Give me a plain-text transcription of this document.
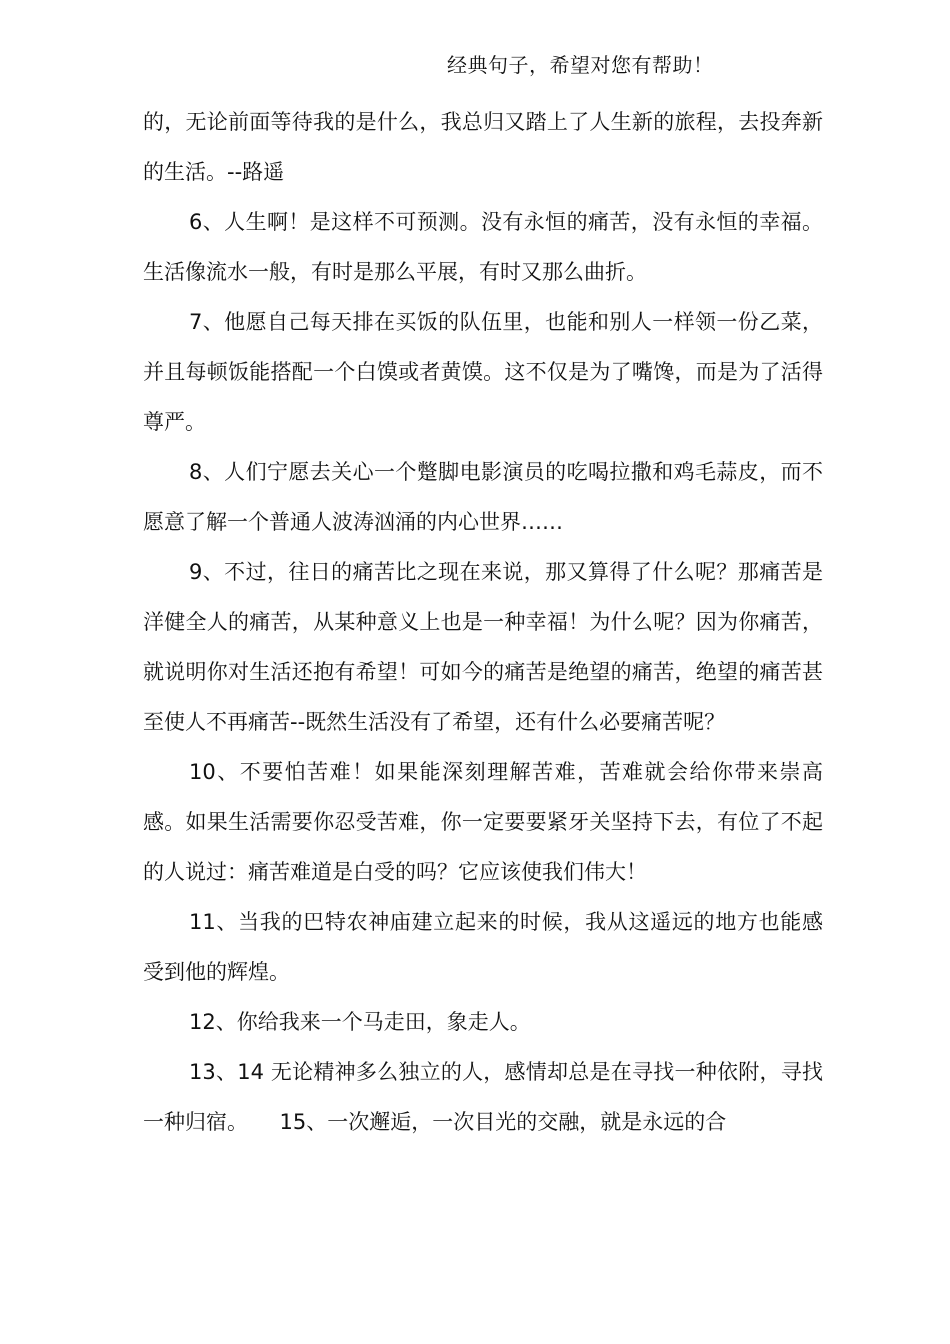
经典句子，希望对您有帮助！

的，无论前面等待我的是什么，我总归又踏上了人生新的旅程，去投奔新的生活。--路遥

6、人生啊！是这样不可预测。没有永恒的痛苦，没有永恒的幸福。生活像流水一般，有时是那么平展，有时又那么曲折。

7、他愿自己每天排在买饭的队伍里，也能和别人一样领一份乙菜，并且每顿饭能搭配一个白馍或者黄馍。这不仅是为了嘴馋，而是为了活得尊严。

8、人们宁愿去关心一个蹩脚电影演员的吃喝拉撒和鸡毛蒜皮，而不愿意了解一个普通人波涛汹涌的内心世界……

9、不过，往日的痛苦比之现在来说，那又算得了什么呢？那痛苦是洋健全人的痛苦，从某种意义上也是一种幸福！为什么呢？因为你痛苦，就说明你对生活还抱有希望！可如今的痛苦是绝望的痛苦，绝望的痛苦甚至使人不再痛苦--既然生活没有了希望，还有什么必要痛苦呢？

10、不要怕苦难！如果能深刻理解苦难，苦难就会给你带来崇高感。如果生活需要你忍受苦难，你一定要要紧牙关坚持下去，有位了不起的人说过：痛苦难道是白受的吗？它应该使我们伟大！

11、当我的巴特农神庙建立起来的时候，我从这遥远的地方也能感受到他的辉煌。

12、你给我来一个马走田，象走人。

13、14 无论精神多么独立的人，感情却总是在寻找一种依附，寻找一种归宿。　　15、一次邂逅，一次目光的交融，就是永远的合
